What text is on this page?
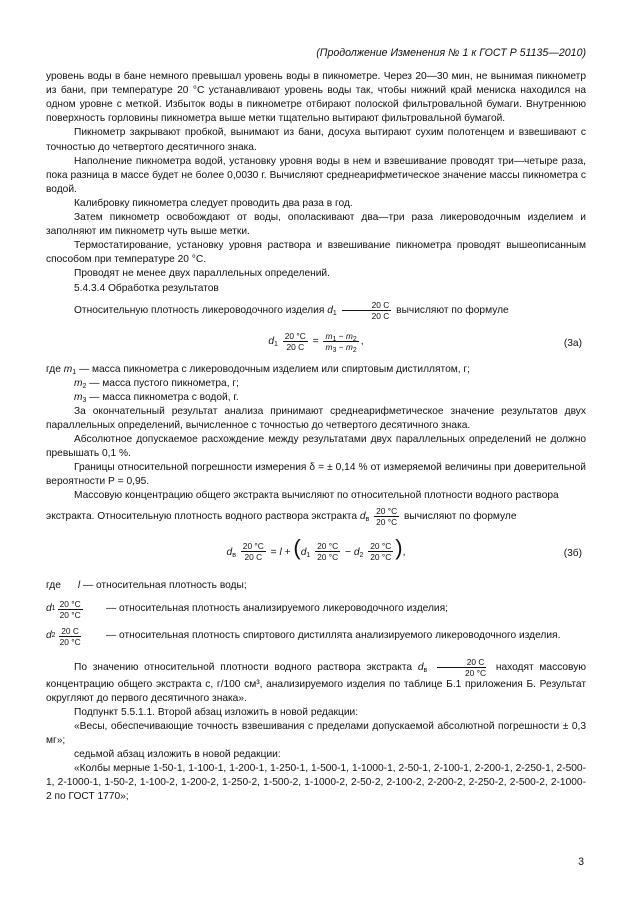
(Продолжение Изменения № 1 к ГОСТ Р 51135—2010)

уровень воды в бане немного превышал уровень воды в пикнометре. Через 20—30 мин, не вынимая пикнометр из бани, при температуре 20 °С устанавливают уровень воды так, чтобы нижний край мениска находился на одном уровне с меткой. Избыток воды в пикнометре отбирают полоской фильтровальной бумаги. Внутреннюю поверхность горловины пикнометра выше метки тщательно вытирают фильтровальной бумагой.

Пикнометр закрывают пробкой, вынимают из бани, досуха вытирают сухим полотенцем и взвешивают с точностью до четвертого десятичного знака.

Наполнение пикнометра водой, установку уровня воды в нем и взвешивание проводят три—четыре раза, пока разница в массе будет не более 0,0030 г. Вычисляют среднеарифметическое значение массы пикнометра с водой.

Калибровку пикнометра следует проводить два раза в год.

Затем пикнометр освобождают от воды, ополаскивают два—три раза ликероводочным изделием и заполняют им пикнометр чуть выше метки.

Термостатирование, установку уровня раствора и взвешивание пикнометра проводят вышеописанным способом при температуре 20 °С.

Проводят не менее двух параллельных определений.

5.4.3.4 Обработка результатов

Относительную плотность ликероводочного изделия $d_1 \frac{20 С}{20 С}$ вычисляют по формуле

$d_1 \frac{20 ^\circ С}{20 С} = \frac{m_1 - m_2}{m_3 - m_2}$ ,	(3а)

где $m_1$ — масса пикнометра с ликероводочным изделием или спиртовым дистиллятом, г;

$m_2$ — масса пустого пикнометра, г;

$m_3$ — масса пикнометра с водой, г.

За окончательный результат анализа принимают среднеарифметическое значение результатов двух параллельных определений, вычисленное с точностью до четвертого десятичного знака.

Абсолютное допускаемое расхождение между результатами двух параллельных определений не должно превышать 0,1 %.

Границы относительной погрешности измерения δ = ± 0,14 % от измеряемой величины при доверительной вероятности Р = 0,95.

Массовую концентрацию общего экстракта вычисляют по относительной плотности водного раствора

экстракта. Относительную плотность водного раствора экстракта $d_в \frac{20 ^\circ С}{20 ^\circ С}$ вычисляют по формуле

$d_в \frac{20 ^\circ С}{20 С} = l + (d_1 \frac{20 ^\circ С}{20 ^\circ С} - d_2 \frac{20 ^\circ С}{20 ^\circ С}$ ),	(3б)

где l — относительная плотность воды;

d $1 \frac{20 ^\circ С}{20 ^\circ С}$ — относительная плотность анализируемого ликероводочного изделия;
d $2 \frac{20 С}{20 ^\circ С}$ — относительная плотность спиртового дистиллята анализируемого ликероводочного изделия.

По значению относительной плотности водного раствора экстракта $d_в \frac{20 С}{20 ^\circ С}$ находят массовую концентрацию общего экстракта с, г/100 см³, анализируемого изделия по таблице Б.1 приложения Б. Результат округляют до первого десятичного знака».

Подпункт 5.5.1.1. Второй абзац изложить в новой редакции:

«Весы, обеспечивающие точность взвешивания с пределами допускаемой абсолютной погрешности ± 0,3 мг»;

седьмой абзац изложить в новой редакции:

«Колбы мерные 1-50-1, 1-100-1, 1-200-1, 1-250-1, 1-500-1, 1-1000-1, 2-50-1, 2-100-1, 2-200-1, 2-250-1, 2-500-1, 2-1000-1, 1-50-2, 1-100-2, 1-200-2, 1-250-2, 1-500-2, 1-1000-2, 2-50-2, 2-100-2, 2-200-2, 2-250-2, 2-500-2, 2-1000-2 по ГОСТ 1770»;

3
